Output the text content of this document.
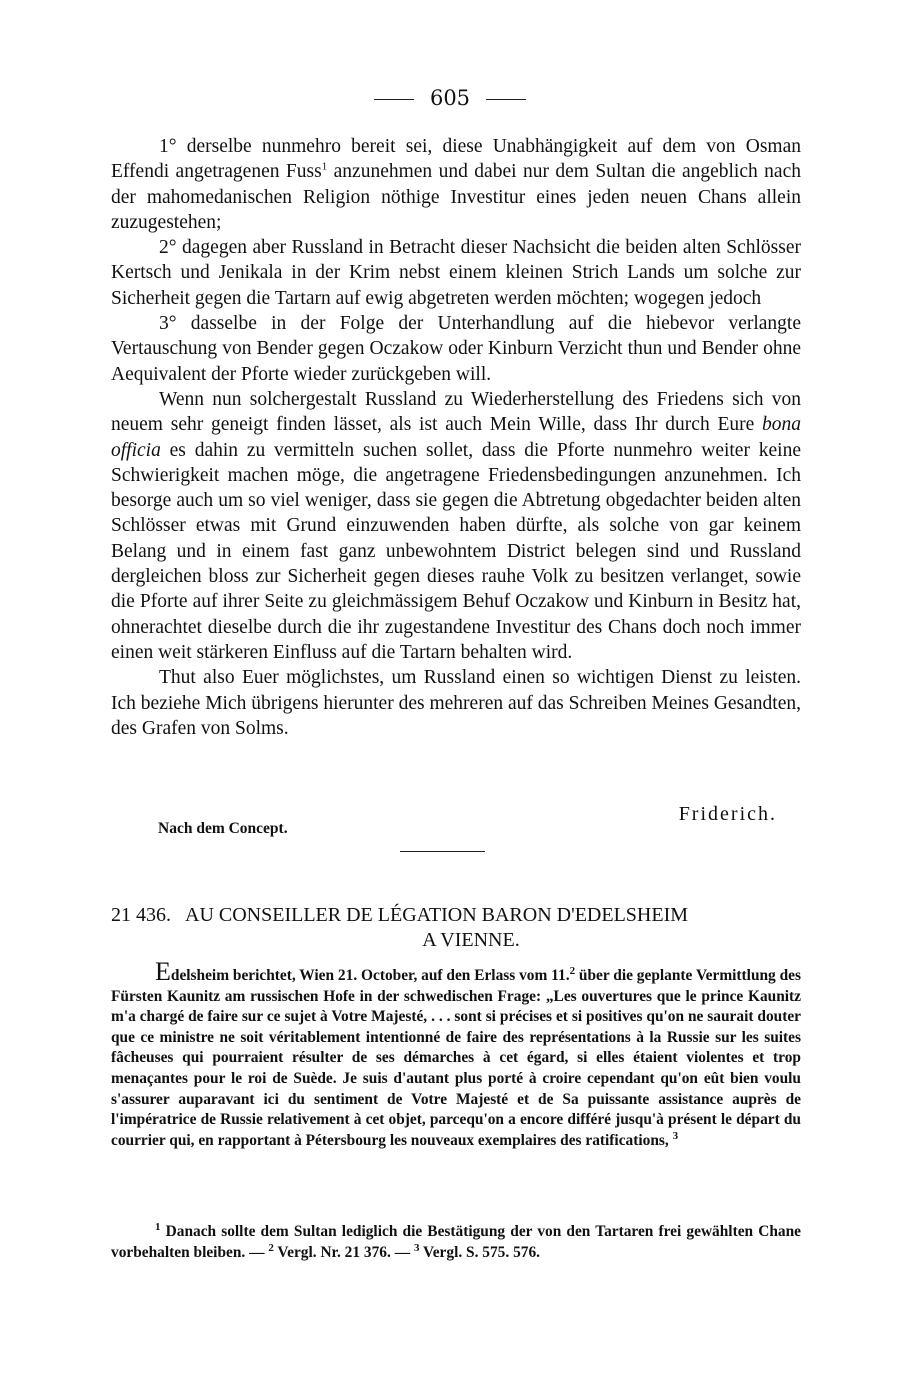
605

1° derselbe nunmehro bereit sei, diese Unabhängigkeit auf dem von Osman Effendi angetragenen Fuss$^1$ anzunehmen und dabei nur dem Sultan die angeblich nach der mahomedanischen Religion nöthige Investitur eines jeden neuen Chans allein zuzugestehen;

2° dagegen aber Russland in Betracht dieser Nachsicht die beiden alten Schlösser Kertsch und Jenikala in der Krim nebst einem kleinen Strich Lands um solche zur Sicherheit gegen die Tartarn auf ewig abgetreten werden möchten; wogegen jedoch

3° dasselbe in der Folge der Unterhandlung auf die hiebevor verlangte Vertauschung von Bender gegen Oczakow oder Kinburn Verzicht thun und Bender ohne Aequivalent der Pforte wieder zurückgeben will.

Wenn nun solchergestalt Russland zu Wiederherstellung des Friedens sich von neuem sehr geneigt finden lässet, als ist auch Mein Wille, dass Ihr durch Eure bona officia es dahin zu vermitteln suchen sollet, dass die Pforte nunmehro weiter keine Schwierigkeit machen möge, die angetragene Friedensbedingungen anzunehmen. Ich besorge auch um so viel weniger, dass sie gegen die Abtretung obgedachter beiden alten Schlösser etwas mit Grund einzuwenden haben dürfte, als solche von gar keinem Belang und in einem fast ganz unbewohntem District belegen sind und Russland dergleichen bloss zur Sicherheit gegen dieses rauhe Volk zu besitzen verlanget, sowie die Pforte auf ihrer Seite zu gleichmässigem Behuf Oczakow und Kinburn in Besitz hat, ohnerachtet dieselbe durch die ihr zugestandene Investitur des Chans doch noch immer einen weit stärkeren Einfluss auf die Tartarn behalten wird.

Thut also Euer möglichstes, um Russland einen so wichtigen Dienst zu leisten. Ich beziehe Mich übrigens hierunter des mehreren auf das Schreiben Meines Gesandten, des Grafen von Solms.

Friderich.
Nach dem Concept.
21 436. AU CONSEILLER DE LÉGATION BARON D'EDELSHEIM
A VIENNE.

Edelsheim berichtet, Wien 21. October, auf den Erlass vom 11.$^2$ über die geplante Vermittlung des Fürsten Kaunitz am russischen Hofe in der schwedischen Frage: „Les ouvertures que le prince Kaunitz m'a chargé de faire sur ce sujet à Votre Majesté, . . . sont si précises et si positives qu'on ne saurait douter que ce ministre ne soit véritablement intentionné de faire des représentations à la Russie sur les suites fâcheuses qui pourraient résulter de ses démarches à cet égard, si elles étaient violentes et trop menaçantes pour le roi de Suède. Je suis d'autant plus porté à croire cependant qu'on eût bien voulu s'assurer auparavant ici du sentiment de Votre Majesté et de Sa puissante assistance auprès de l'impératrice de Russie relativement à cet objet, parcequ'on a encore différé jusqu'à présent le départ du courrier qui, en rapportant à Pétersbourg les nouveaux exemplaires des ratifications, $^3$

$^1$ Danach sollte dem Sultan lediglich die Bestätigung der von den Tartaren frei gewählten Chane vorbehalten bleiben. — $^2$ Vergl. Nr. 21 376. — $^3$ Vergl. S. 575. 576.
